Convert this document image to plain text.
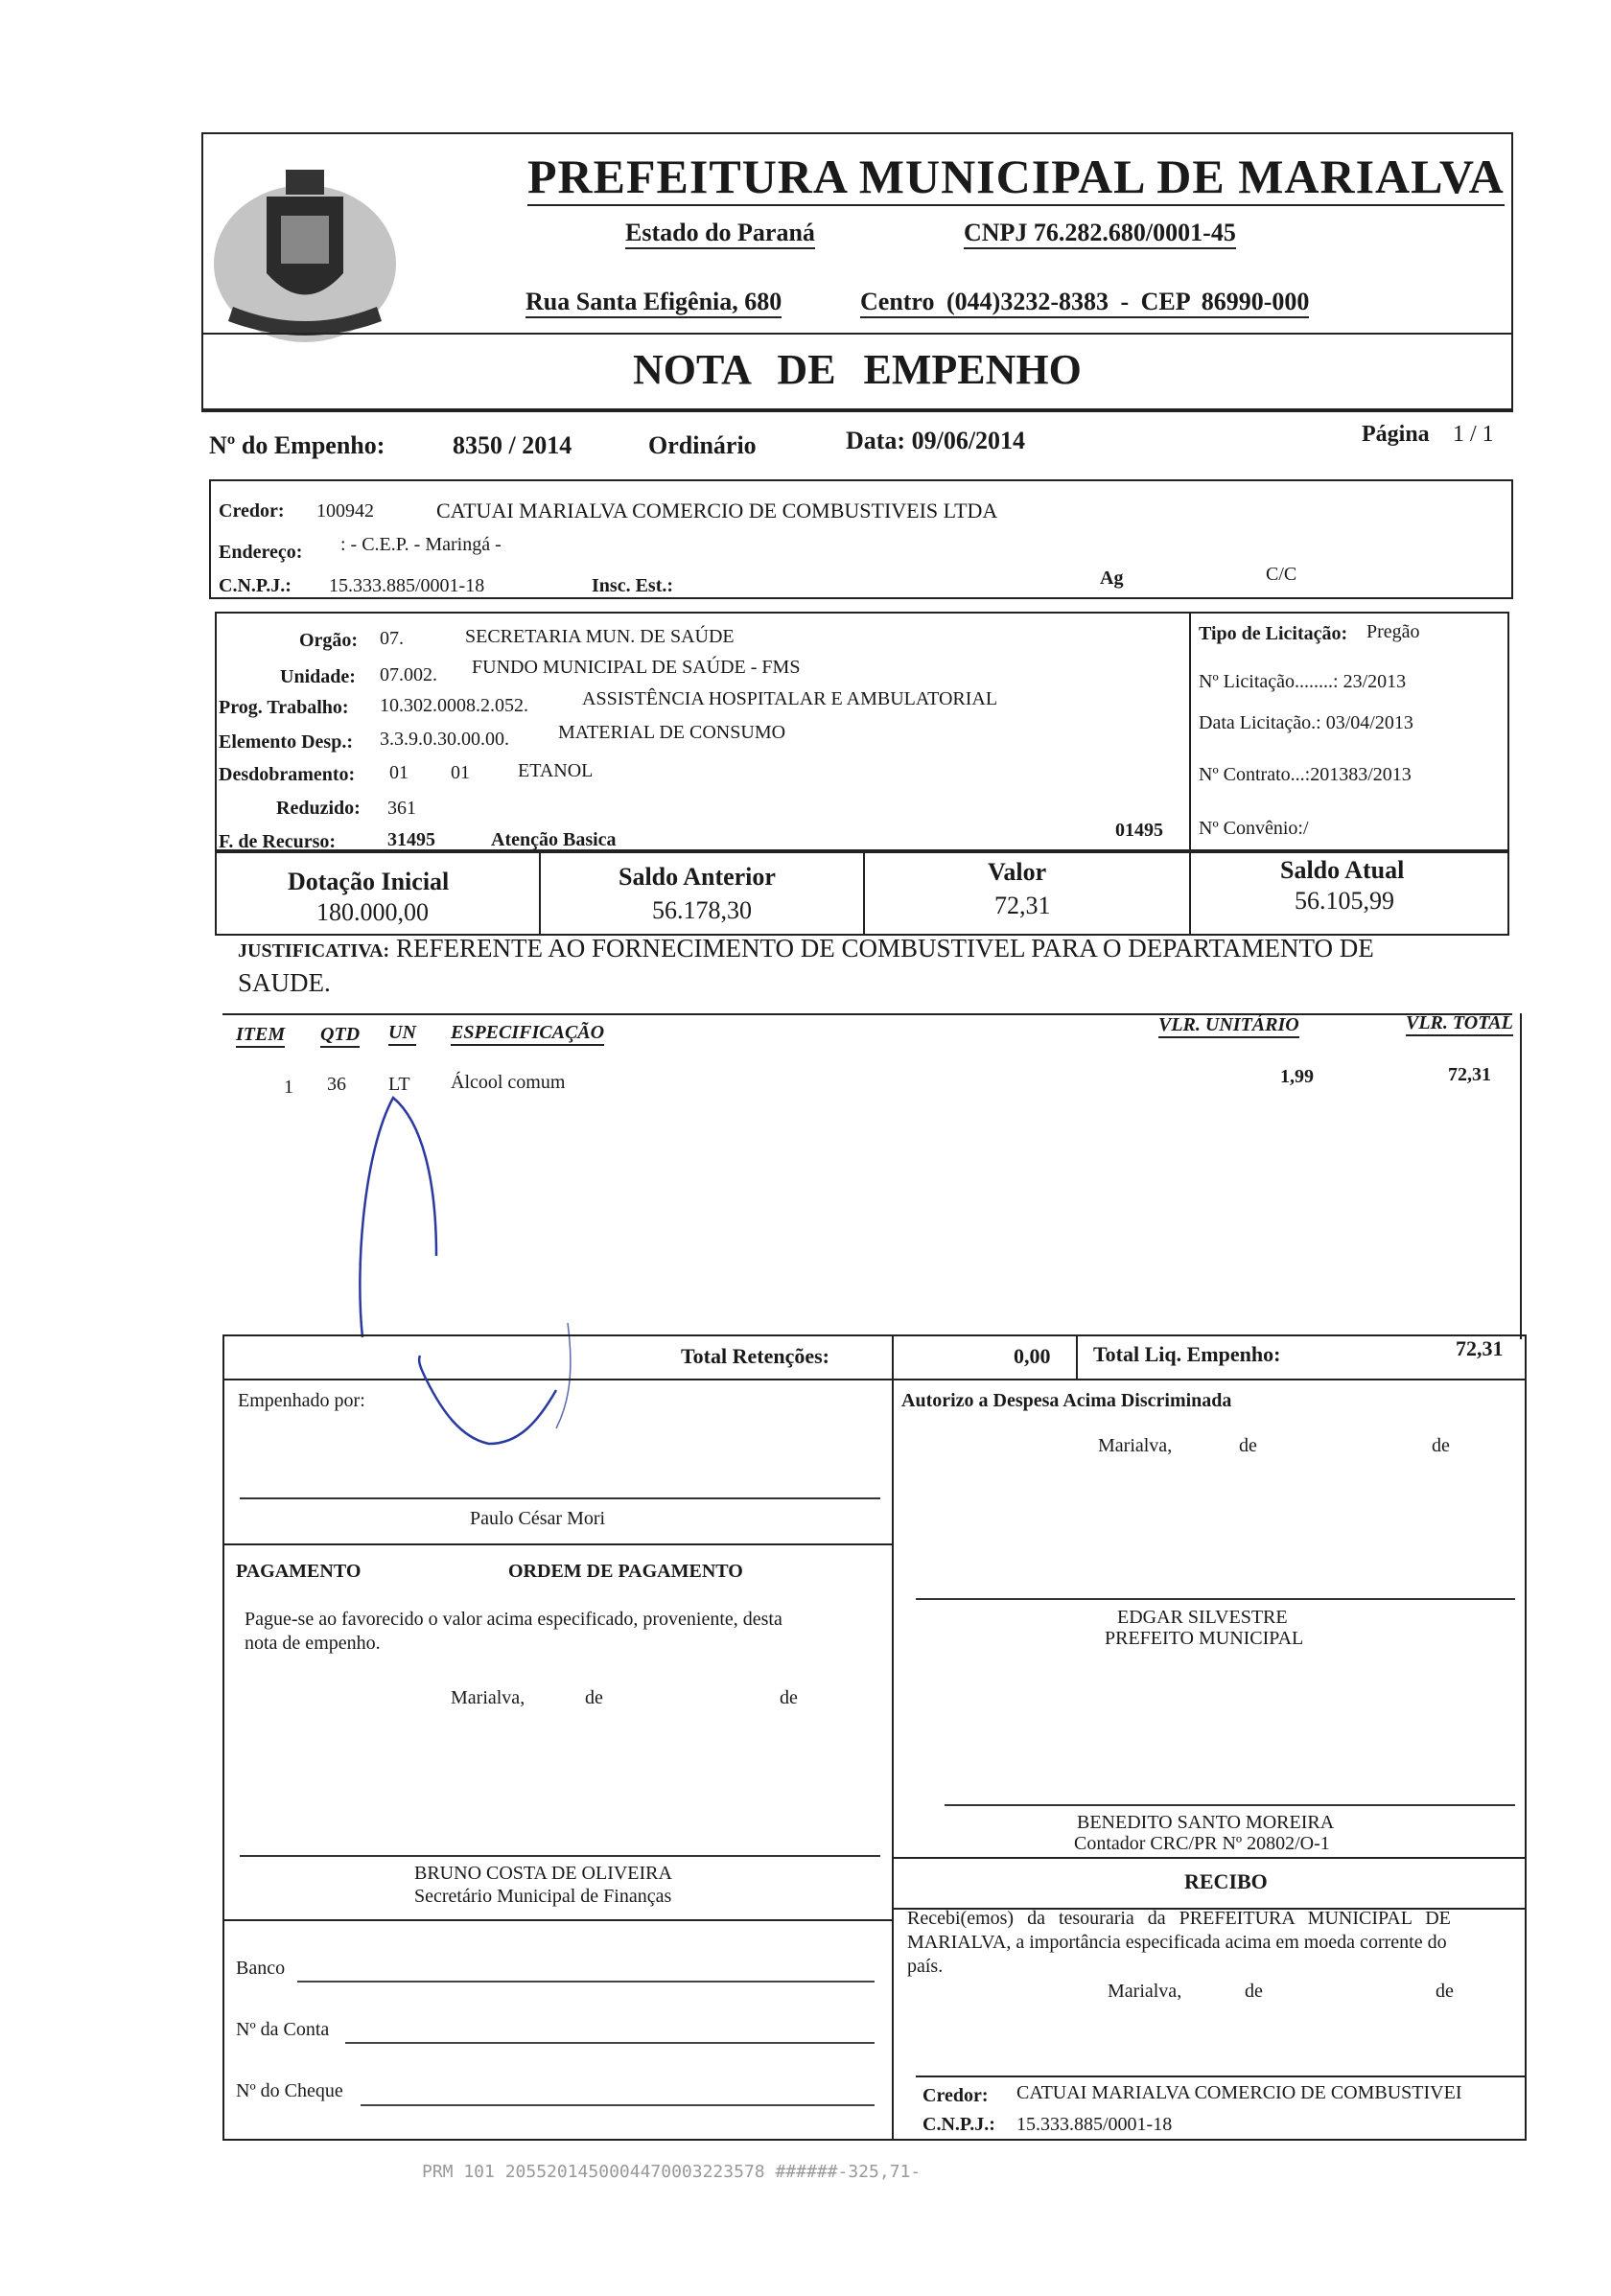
PREFEITURA MUNICIPAL DE MARIALVA
Estado do Paraná	CNPJ 76.282.680/0001-45
Rua Santa Efigênia, 680	Centro (044)3232-8383 - CEP 86990-000
NOTA DE EMPENHO
Nº do Empenho:	8350 / 2014	Ordinário	Data: 09/06/2014	Página 1 / 1
Credor: 100942	CATUAI MARIALVA COMERCIO DE COMBUSTIVEIS LTDA
Endereço: : - C.E.P. - Maringá -
C.N.P.J.: 15.333.885/0001-18	Insc. Est.:	Ag	C/C
Orgão: 07.	SECRETARIA MUN. DE SAÚDE
Unidade: 07.002. FUNDO MUNICIPAL DE SAÚDE - FMS
Prog. Trabalho: 10.302.0008.2.052.	ASSISTÊNCIA HOSPITALAR E AMBULATORIAL
Elemento Desp.: 3.3.9.0.30.00.00.	MATERIAL DE CONSUMO
Desdobramento: 01 01	ETANOL
Reduzido: 361
F. de Recurso:	31495	Atenção Basica	01495
Tipo de Licitação: Pregão
Nº Licitação........: 23/2013
Data Licitação.: 03/04/2013
Nº Contrato...:201383/2013
Nº Convênio:/
Dotação Inicial
180.000,00
Saldo Anterior
56.178,30
Valor
72,31
Saldo Atual
56.105,99
JUSTIFICATIVA: REFERENTE AO FORNECIMENTO DE COMBUSTIVEL PARA O DEPARTAMENTO DE
SAUDE.
ITEM QTD UN ESPECIFICAÇÃO	VLR. UNITÁRIO	VLR. TOTAL
1 36 LT Álcool comum	1,99	72,31
Total Retenções:	0,00 Total Liq. Empenho:	72,31
Empenhado por:
Paulo César Mori
Autorizo a Despesa Acima Discriminada
Marialva,	de	de
EDGAR SILVESTRE
PREFEITO MUNICIPAL
PAGAMENTO	ORDEM DE PAGAMENTO
Pague-se ao favorecido o valor acima especificado, proveniente, desta
nota de empenho.
Marialva,	de	de
BRUNO COSTA DE OLIVEIRA
Secretário Municipal de Finanças
Banco
Nº da Conta
Nº do Cheque
BENEDITO SANTO MOREIRA
Contador CRC/PR Nº 20802/O-1
RECIBO
Recebi(emos) da tesouraria da PREFEITURA MUNICIPAL DE
MARIALVA, a importância especificada acima em moeda corrente do
país.
Marialva,	de	de
Credor: CATUAI MARIALVA COMERCIO DE COMBUSTIVEI
C.N.P.J.: 15.333.885/0001-18
PRM 101 2055201450004470003223578 ######-325,71-
